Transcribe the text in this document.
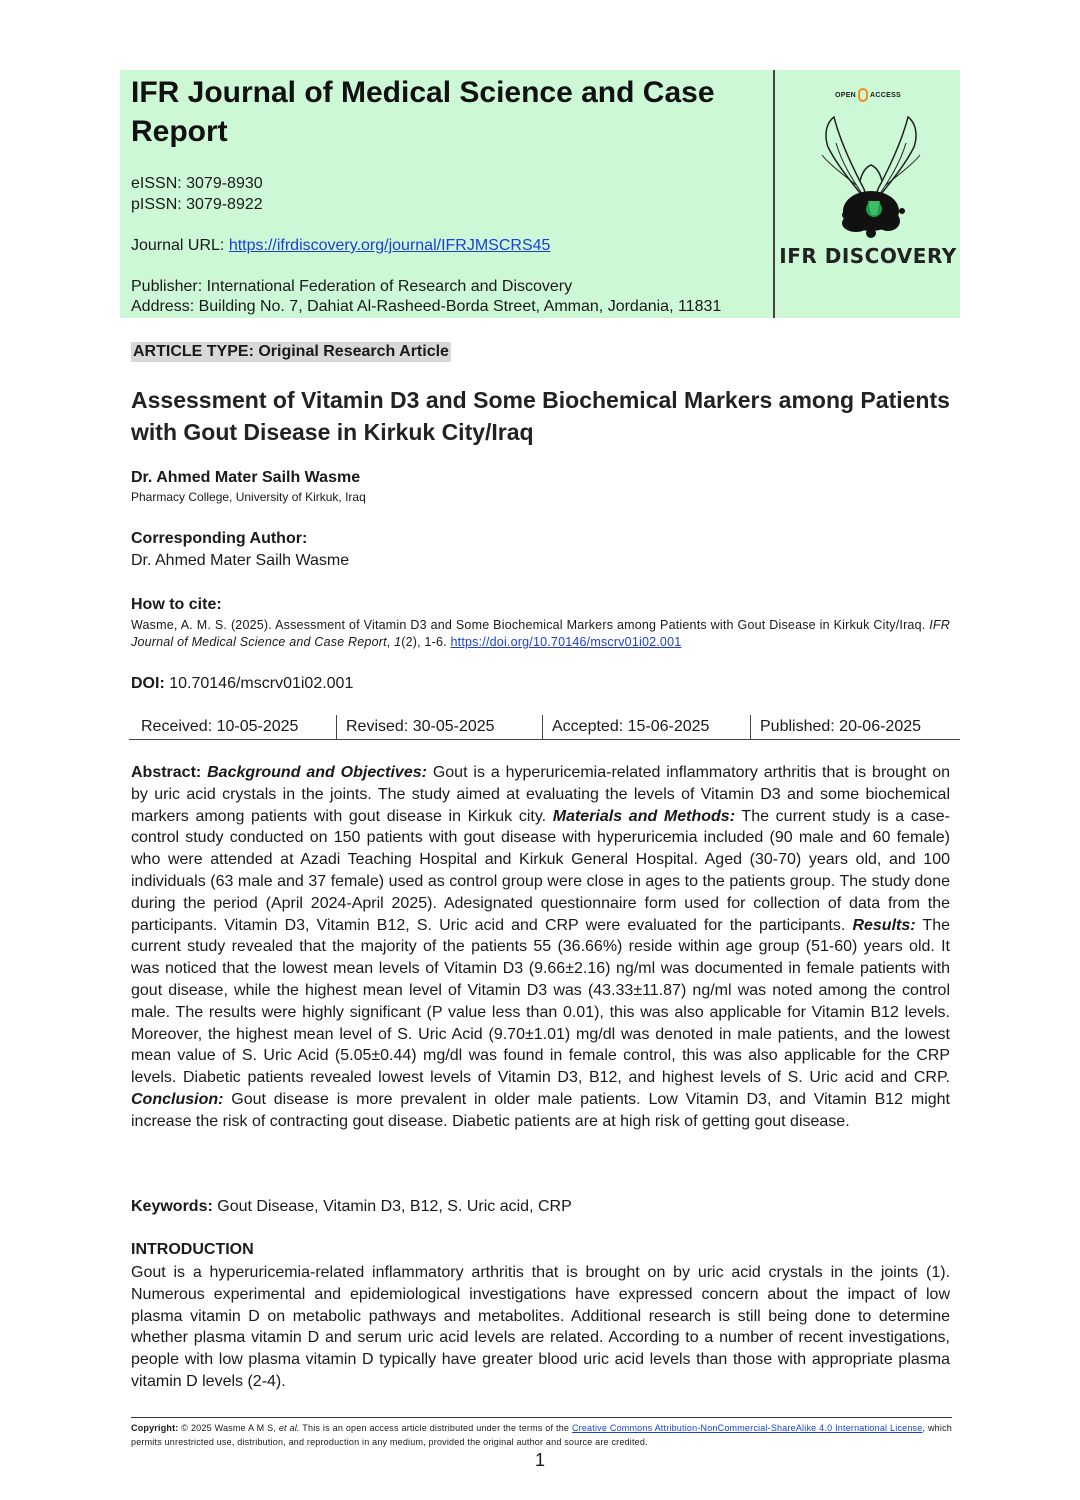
IFR Journal of Medical Science and Case Report
eISSN: 3079-8930
pISSN: 3079-8922
Journal URL: https://ifrdiscovery.org/journal/IFRJMSCRS45
Publisher: International Federation of Research and Discovery
Address: Building No. 7, Dahiat Al-Rasheed-Borda Street, Amman, Jordania, 11831
OPEN ACCESS
IFR DISCOVERY
ARTICLE TYPE: Original Research Article
Assessment of Vitamin D3 and Some Biochemical Markers among Patients with Gout Disease in Kirkuk City/Iraq
Dr. Ahmed Mater Sailh Wasme
Pharmacy College, University of Kirkuk, Iraq
Corresponding Author:
Dr. Ahmed Mater Sailh Wasme
How to cite:
Wasme, A. M. S. (2025). Assessment of Vitamin D3 and Some Biochemical Markers among Patients with Gout Disease in Kirkuk City/Iraq. IFR Journal of Medical Science and Case Report, 1(2), 1-6. https://doi.org/10.70146/mscrv01i02.001
DOI: 10.70146/mscrv01i02.001
Received: 10-05-2025	Revised: 30-05-2025	Accepted: 15-06-2025	Published: 20-06-2025
Abstract: Background and Objectives: Gout is a hyperuricemia-related inflammatory arthritis that is brought on by uric acid crystals in the joints. The study aimed at evaluating the levels of Vitamin D3 and some biochemical markers among patients with gout disease in Kirkuk city. Materials and Methods: The current study is a case-control study conducted on 150 patients with gout disease with hyperuricemia included (90 male and 60 female) who were attended at Azadi Teaching Hospital and Kirkuk General Hospital. Aged (30-70) years old, and 100 individuals (63 male and 37 female) used as control group were close in ages to the patients group. The study done during the period (April 2024-April 2025). Adesignated questionnaire form used for collection of data from the participants. Vitamin D3, Vitamin B12, S. Uric acid and CRP were evaluated for the participants. Results: The current study revealed that the majority of the patients 55 (36.66%) reside within age group (51-60) years old. It was noticed that the lowest mean levels of Vitamin D3 (9.66±2.16) ng/ml was documented in female patients with gout disease, while the highest mean level of Vitamin D3 was (43.33±11.87) ng/ml was noted among the control male. The results were highly significant (P value less than 0.01), this was also applicable for Vitamin B12 levels. Moreover, the highest mean level of S. Uric Acid (9.70±1.01) mg/dl was denoted in male patients, and the lowest mean value of S. Uric Acid (5.05±0.44) mg/dl was found in female control, this was also applicable for the CRP levels. Diabetic patients revealed lowest levels of Vitamin D3, B12, and highest levels of S. Uric acid and CRP. Conclusion: Gout disease is more prevalent in older male patients. Low Vitamin D3, and Vitamin B12 might increase the risk of contracting gout disease. Diabetic patients are at high risk of getting gout disease.
Keywords: Gout Disease, Vitamin D3, B12, S. Uric acid, CRP
INTRODUCTION
Gout is a hyperuricemia-related inflammatory arthritis that is brought on by uric acid crystals in the joints (1). Numerous experimental and epidemiological investigations have expressed concern about the impact of low plasma vitamin D on metabolic pathways and metabolites. Additional research is still being done to determine whether plasma vitamin D and serum uric acid levels are related. According to a number of recent investigations, people with low plasma vitamin D typically have greater blood uric acid levels than those with appropriate plasma vitamin D levels (2-4).
Copyright: © 2025 Wasme A M S, et al. This is an open access article distributed under the terms of the Creative Commons Attribution-NonCommercial-ShareAlike 4.0 International License, which permits unrestricted use, distribution, and reproduction in any medium, provided the original author and source are credited.
1
